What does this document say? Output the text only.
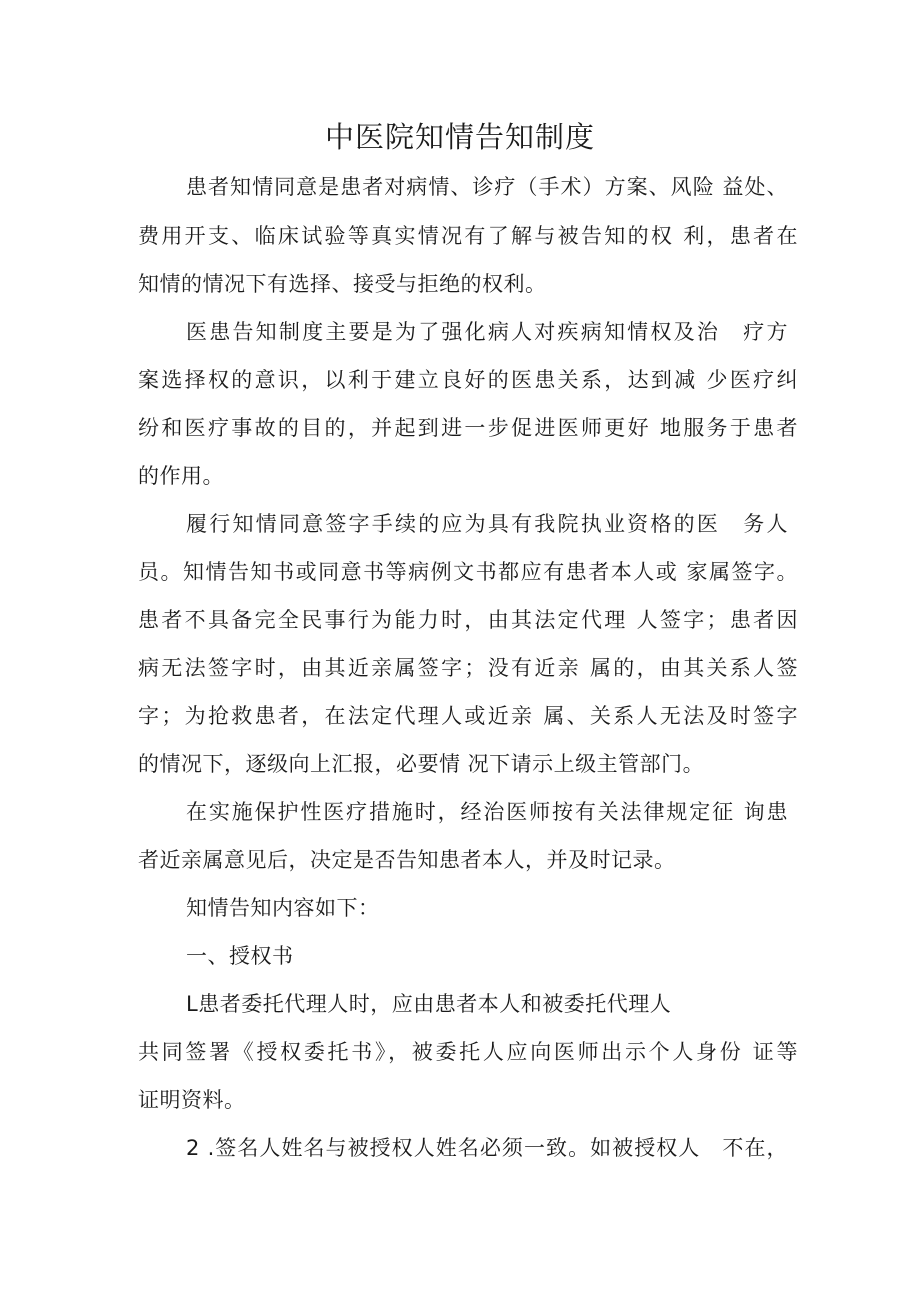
中医院知情告知制度
患者知情同意是患者对病情、诊疗（手术）方案、风险 益处、
费用开支、临床试验等真实情况有了解与被告知的权 利，患者在
知情的情况下有选择、接受与拒绝的权利。
医患告知制度主要是为了强化病人对疾病知情权及治　疗方
案选择权的意识，以利于建立良好的医患关系，达到减 少医疗纠
纷和医疗事故的目的，并起到进一步促进医师更好 地服务于患者
的作用。
履行知情同意签字手续的应为具有我院执业资格的医　务人
员。知情告知书或同意书等病例文书都应有患者本人或 家属签字。
患者不具备完全民事行为能力时，由其法定代理 人签字；患者因
病无法签字时，由其近亲属签字；没有近亲 属的，由其关系人签
字；为抢救患者，在法定代理人或近亲 属、关系人无法及时签字
的情况下，逐级向上汇报，必要情 况下请示上级主管部门。
在实施保护性医疗措施时，经治医师按有关法律规定征 询患
者近亲属意见后，决定是否告知患者本人，并及时记录。
知情告知内容如下：
一、授权书
L患者委托代理人时，应由患者本人和被委托代理人
共同签署《授权委托书》，被委托人应向医师出示个人身份 证等
证明资料。
2 .签名人姓名与被授权人姓名必须一致。如被授权人　不在，
